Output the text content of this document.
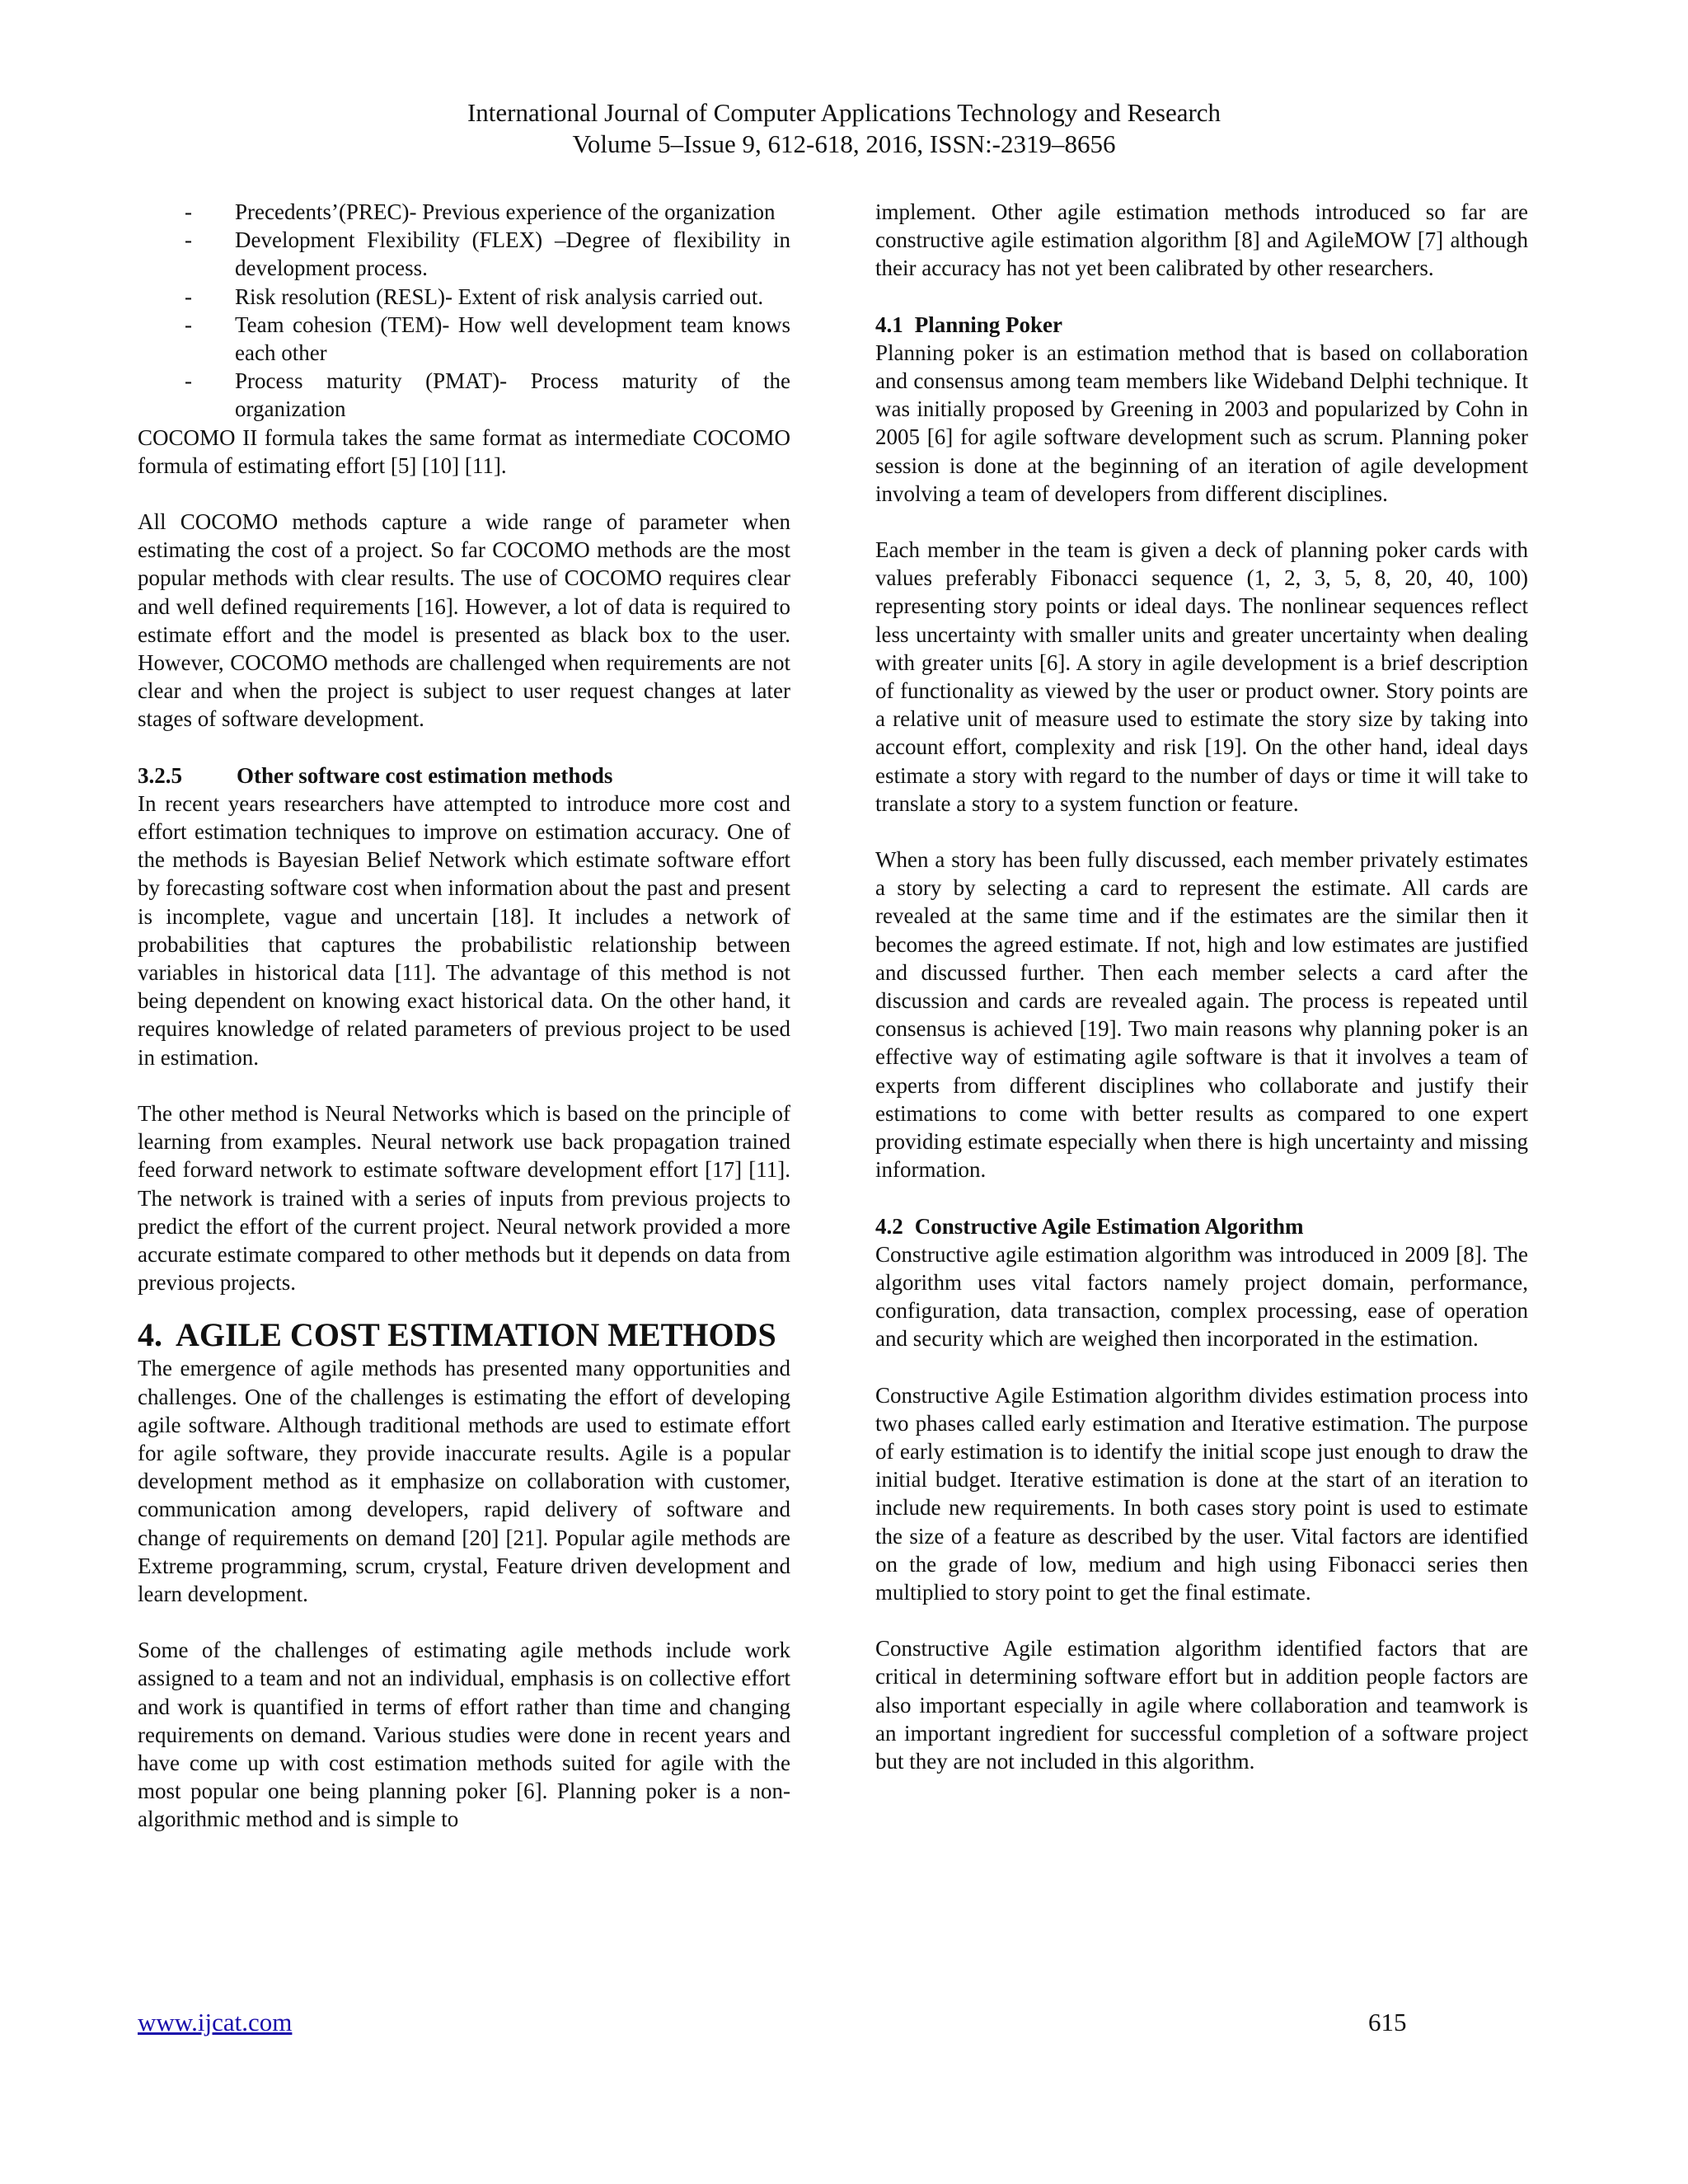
International Journal of Computer Applications Technology and Research
Volume 5–Issue 9, 612-618, 2016, ISSN:-2319–8656
- Precedents’(PREC)- Previous experience of the organization
- Development Flexibility (FLEX) –Degree of flexibility in development process.
- Risk resolution (RESL)- Extent of risk analysis carried out.
- Team cohesion (TEM)- How well development team knows each other
- Process maturity (PMAT)- Process maturity of the organization

COCOMO II formula takes the same format as intermediate COCOMO formula of estimating effort [5] [10] [11].

All COCOMO methods capture a wide range of parameter when estimating the cost of a project. So far COCOMO methods are the most popular methods with clear results. The use of COCOMO requires clear and well defined requirements [16]. However, a lot of data is required to estimate effort and the model is presented as black box to the user. However, COCOMO methods are challenged when requirements are not clear and when the project is subject to user request changes at later stages of software development.

3.2.5 Other software cost estimation methods

In recent years researchers have attempted to introduce more cost and effort estimation techniques to improve on estimation accuracy. One of the methods is Bayesian Belief Network which estimate software effort by forecasting software cost when information about the past and present is incomplete, vague and uncertain [18]. It includes a network of probabilities that captures the probabilistic relationship between variables in historical data [11]. The advantage of this method is not being dependent on knowing exact historical data. On the other hand, it requires knowledge of related parameters of previous project to be used in estimation.

The other method is Neural Networks which is based on the principle of learning from examples. Neural network use back propagation trained feed forward network to estimate software development effort [17] [11]. The network is trained with a series of inputs from previous projects to predict the effort of the current project. Neural network provided a more accurate estimate compared to other methods but it depends on data from previous projects.

4. AGILE COST ESTIMATION METHODS

The emergence of agile methods has presented many opportunities and challenges. One of the challenges is estimating the effort of developing agile software. Although traditional methods are used to estimate effort for agile software, they provide inaccurate results. Agile is a popular development method as it emphasize on collaboration with customer, communication among developers, rapid delivery of software and change of requirements on demand [20] [21]. Popular agile methods are Extreme programming, scrum, crystal, Feature driven development and learn development.

Some of the challenges of estimating agile methods include work assigned to a team and not an individual, emphasis is on collective effort and work is quantified in terms of effort rather than time and changing requirements on demand. Various studies were done in recent years and have come up with cost estimation methods suited for agile with the most popular one being planning poker [6]. Planning poker is a non-algorithmic method and is simple to

implement. Other agile estimation methods introduced so far are constructive agile estimation algorithm [8] and AgileMOW [7] although their accuracy has not yet been calibrated by other researchers.

4.1 Planning Poker

Planning poker is an estimation method that is based on collaboration and consensus among team members like Wideband Delphi technique. It was initially proposed by Greening in 2003 and popularized by Cohn in 2005 [6] for agile software development such as scrum. Planning poker session is done at the beginning of an iteration of agile development involving a team of developers from different disciplines.

Each member in the team is given a deck of planning poker cards with values preferably Fibonacci sequence (1, 2, 3, 5, 8, 20, 40, 100) representing story points or ideal days. The nonlinear sequences reflect less uncertainty with smaller units and greater uncertainty when dealing with greater units [6]. A story in agile development is a brief description of functionality as viewed by the user or product owner. Story points are a relative unit of measure used to estimate the story size by taking into account effort, complexity and risk [19]. On the other hand, ideal days estimate a story with regard to the number of days or time it will take to translate a story to a system function or feature.

When a story has been fully discussed, each member privately estimates a story by selecting a card to represent the estimate. All cards are revealed at the same time and if the estimates are the similar then it becomes the agreed estimate. If not, high and low estimates are justified and discussed further. Then each member selects a card after the discussion and cards are revealed again. The process is repeated until consensus is achieved [19]. Two main reasons why planning poker is an effective way of estimating agile software is that it involves a team of experts from different disciplines who collaborate and justify their estimations to come with better results as compared to one expert providing estimate especially when there is high uncertainty and missing information.

4.2 Constructive Agile Estimation Algorithm

Constructive agile estimation algorithm was introduced in 2009 [8]. The algorithm uses vital factors namely project domain, performance, configuration, data transaction, complex processing, ease of operation and security which are weighed then incorporated in the estimation.

Constructive Agile Estimation algorithm divides estimation process into two phases called early estimation and Iterative estimation. The purpose of early estimation is to identify the initial scope just enough to draw the initial budget. Iterative estimation is done at the start of an iteration to include new requirements. In both cases story point is used to estimate the size of a feature as described by the user. Vital factors are identified on the grade of low, medium and high using Fibonacci series then multiplied to story point to get the final estimate.

Constructive Agile estimation algorithm identified factors that are critical in determining software effort but in addition people factors are also important especially in agile where collaboration and teamwork is an important ingredient for successful completion of a software project but they are not included in this algorithm.

www.ijcat.com	615
